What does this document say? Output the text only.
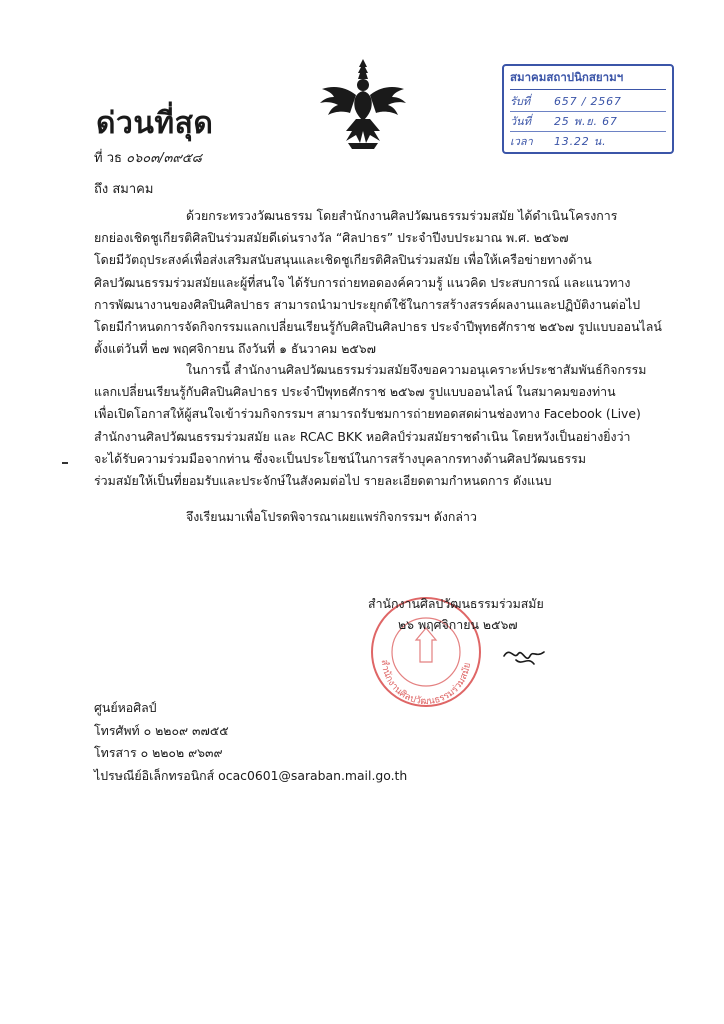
ด่วนที่สุด
ที่ วธ ๐๖๐๓/๓๙๕๘
ถึง สมาคม
สมาคมสถาปนิกสยามฯ
รับที่	657 / 2567
วันที่	25 พ.ย. 67
เวลา	13.22 น.
ด้วยกระทรวงวัฒนธรรม โดยสำนักงานศิลปวัฒนธรรมร่วมสมัย ได้ดำเนินโครงการ
ยกย่องเชิดชูเกียรติศิลปินร่วมสมัยดีเด่นรางวัล “ศิลปาธร” ประจำปีงบประมาณ พ.ศ. ๒๕๖๗
โดยมีวัตถุประสงค์เพื่อส่งเสริมสนับสนุนและเชิดชูเกียรติศิลปินร่วมสมัย เพื่อให้เครือข่ายทางด้าน
ศิลปวัฒนธรรมร่วมสมัยและผู้ที่สนใจ ได้รับการถ่ายทอดองค์ความรู้ แนวคิด ประสบการณ์ และแนวทาง
การพัฒนางานของศิลปินศิลปาธร สามารถนำมาประยุกต์ใช้ในการสร้างสรรค์ผลงานและปฏิบัติงานต่อไป
โดยมีกำหนดการจัดกิจกรรมแลกเปลี่ยนเรียนรู้กับศิลปินศิลปาธร ประจำปีพุทธศักราช ๒๕๖๗ รูปแบบออนไลน์
ตั้งแต่วันที่ ๒๗ พฤศจิกายน ถึงวันที่ ๑ ธันวาคม ๒๕๖๗
ในการนี้ สำนักงานศิลปวัฒนธรรมร่วมสมัยจึงขอความอนุเคราะห์ประชาสัมพันธ์กิจกรรม
แลกเปลี่ยนเรียนรู้กับศิลปินศิลปาธร ประจำปีพุทธศักราช ๒๕๖๗ รูปแบบออนไลน์ ในสมาคมของท่าน
เพื่อเปิดโอกาสให้ผู้สนใจเข้าร่วมกิจกรรมฯ สามารถรับชมการถ่ายทอดสดผ่านช่องทาง Facebook (Live)
สำนักงานศิลปวัฒนธรรมร่วมสมัย และ RCAC BKK หอศิลป์ร่วมสมัยราชดำเนิน โดยหวังเป็นอย่างยิ่งว่า
จะได้รับความร่วมมือจากท่าน ซึ่งจะเป็นประโยชน์ในการสร้างบุคลากรทางด้านศิลปวัฒนธรรม
ร่วมสมัยให้เป็นที่ยอมรับและประจักษ์ในสังคมต่อไป รายละเอียดตามกำหนดการ ดังแนบ
จึงเรียนมาเพื่อโปรดพิจารณาเผยแพร่กิจกรรมฯ ดังกล่าว
สำนักงานศิลปวัฒนธรรมร่วมสมัย
สำนักงานศิลปวัฒนธรรมร่วมสมัย
๒๖ พฤศจิกายน ๒๕๖๗
ศูนย์หอศิลป์
โทรศัพท์ ๐ ๒๒๐๙ ๓๗๕๕
โทรสาร ๐ ๒๒๐๒ ๙๖๓๙
ไปรษณีย์อิเล็กทรอนิกส์ ocac0601@saraban.mail.go.th
